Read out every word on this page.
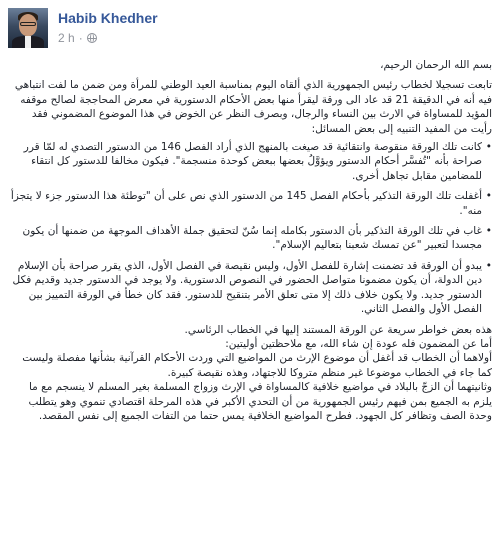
Habib Khedher
2 h ·

بسم الله الرحمان الرحيم،

تابعت تسجيلا لخطاب رئيس الجمهورية الذي ألقاه اليوم بمناسبة العيد الوطني للمرأة ومن ضمن ما لفت انتباهي فيه أنه في الدقيقة 21 قد عاد الى ورقة ليقرأ منها بعض الأحكام الدستورية في معرض المحاججة لصالح موقفه المؤيد للمساواة في الارث بين النساء والرجال، وبصرف النظر عن الخوض في هذا الموضوع المضموني فقد رأيت من المفيد التنبيه إلى بعض المسائل:

• كانت تلك الورقة منقوصة وانتقائية قد صيغت بالمنهج الذي أراد الفصل 146 من الدستور التصدي له لمّا قرر صراحة بأنه "تُفسَّر أحكام الدستور ويؤوَّلُ بعضها ببعض كوحدة منسجمة". فيكون مخالفا للدستور كل انتقاء للمضامين مقابل تجاهل أخرى.
• أغفلت تلك الورقة التذكير بأحكام الفصل 145 من الدستور الذي نص على أن "توطئة هذا الدستور جزء لا يتجزأ منه".
• غاب في تلك الورقة التذكير بأن الدستور بكامله إنما سُنّ لتحقيق جملة الأهداف الموجهة من ضمنها أن يكون مجسدا لتعبير "عن تمسك شعبنا بتعاليم الإسلام".
• يبدو أن الورقة قد تضمنت إشارة للفصل الأول، وليس نقيصة في الفصل الأول، الذي يقرر صراحة بأن الإسلام دين الدولة، أن يكون مضمونا متواصل الحضور في النصوص الدستورية. ولا يوجد في الدستور جديد وقديم فكل الدستور جديد. ولا يكون خلاف ذلك إلا متى تعلق الأمر بتنقيح للدستور. فقد كان خطأ في الورقة التمييز بين الفصل الأول والفصل الثاني.

هذه بعض خواطر سريعة عن الورقة المستند إليها في الخطاب الرئاسي.

أما عن المضمون فله عودة إن شاء الله، مع ملاحظتين أوليتين:

أولاهما أن الخطاب قد أغفل أن موضوع الإرث من المواضيع التي وردت الأحكام القرآنية بشأنها مفصلة وليست كما جاء في الخطاب موضوعا غير منظم متروكا للاجتهاد، وهذه نقيصة كبيرة.

وثانيتهما أن الزجّ بالبلاد في مواضيع خلافية كالمساواة في الإرث وزواج المسلمة بغير المسلم لا ينسجم مع ما يلزم به الجميع بمن فيهم رئيس الجمهورية من أن التحدي الأكبر في هذه المرحلة اقتصادي تنموي وهو يتطلب وحدة الصف وتظافر كل الجهود. فطرح المواضيع الخلافية يمس حتما من التفات الجميع إلى نفس المقصد.
